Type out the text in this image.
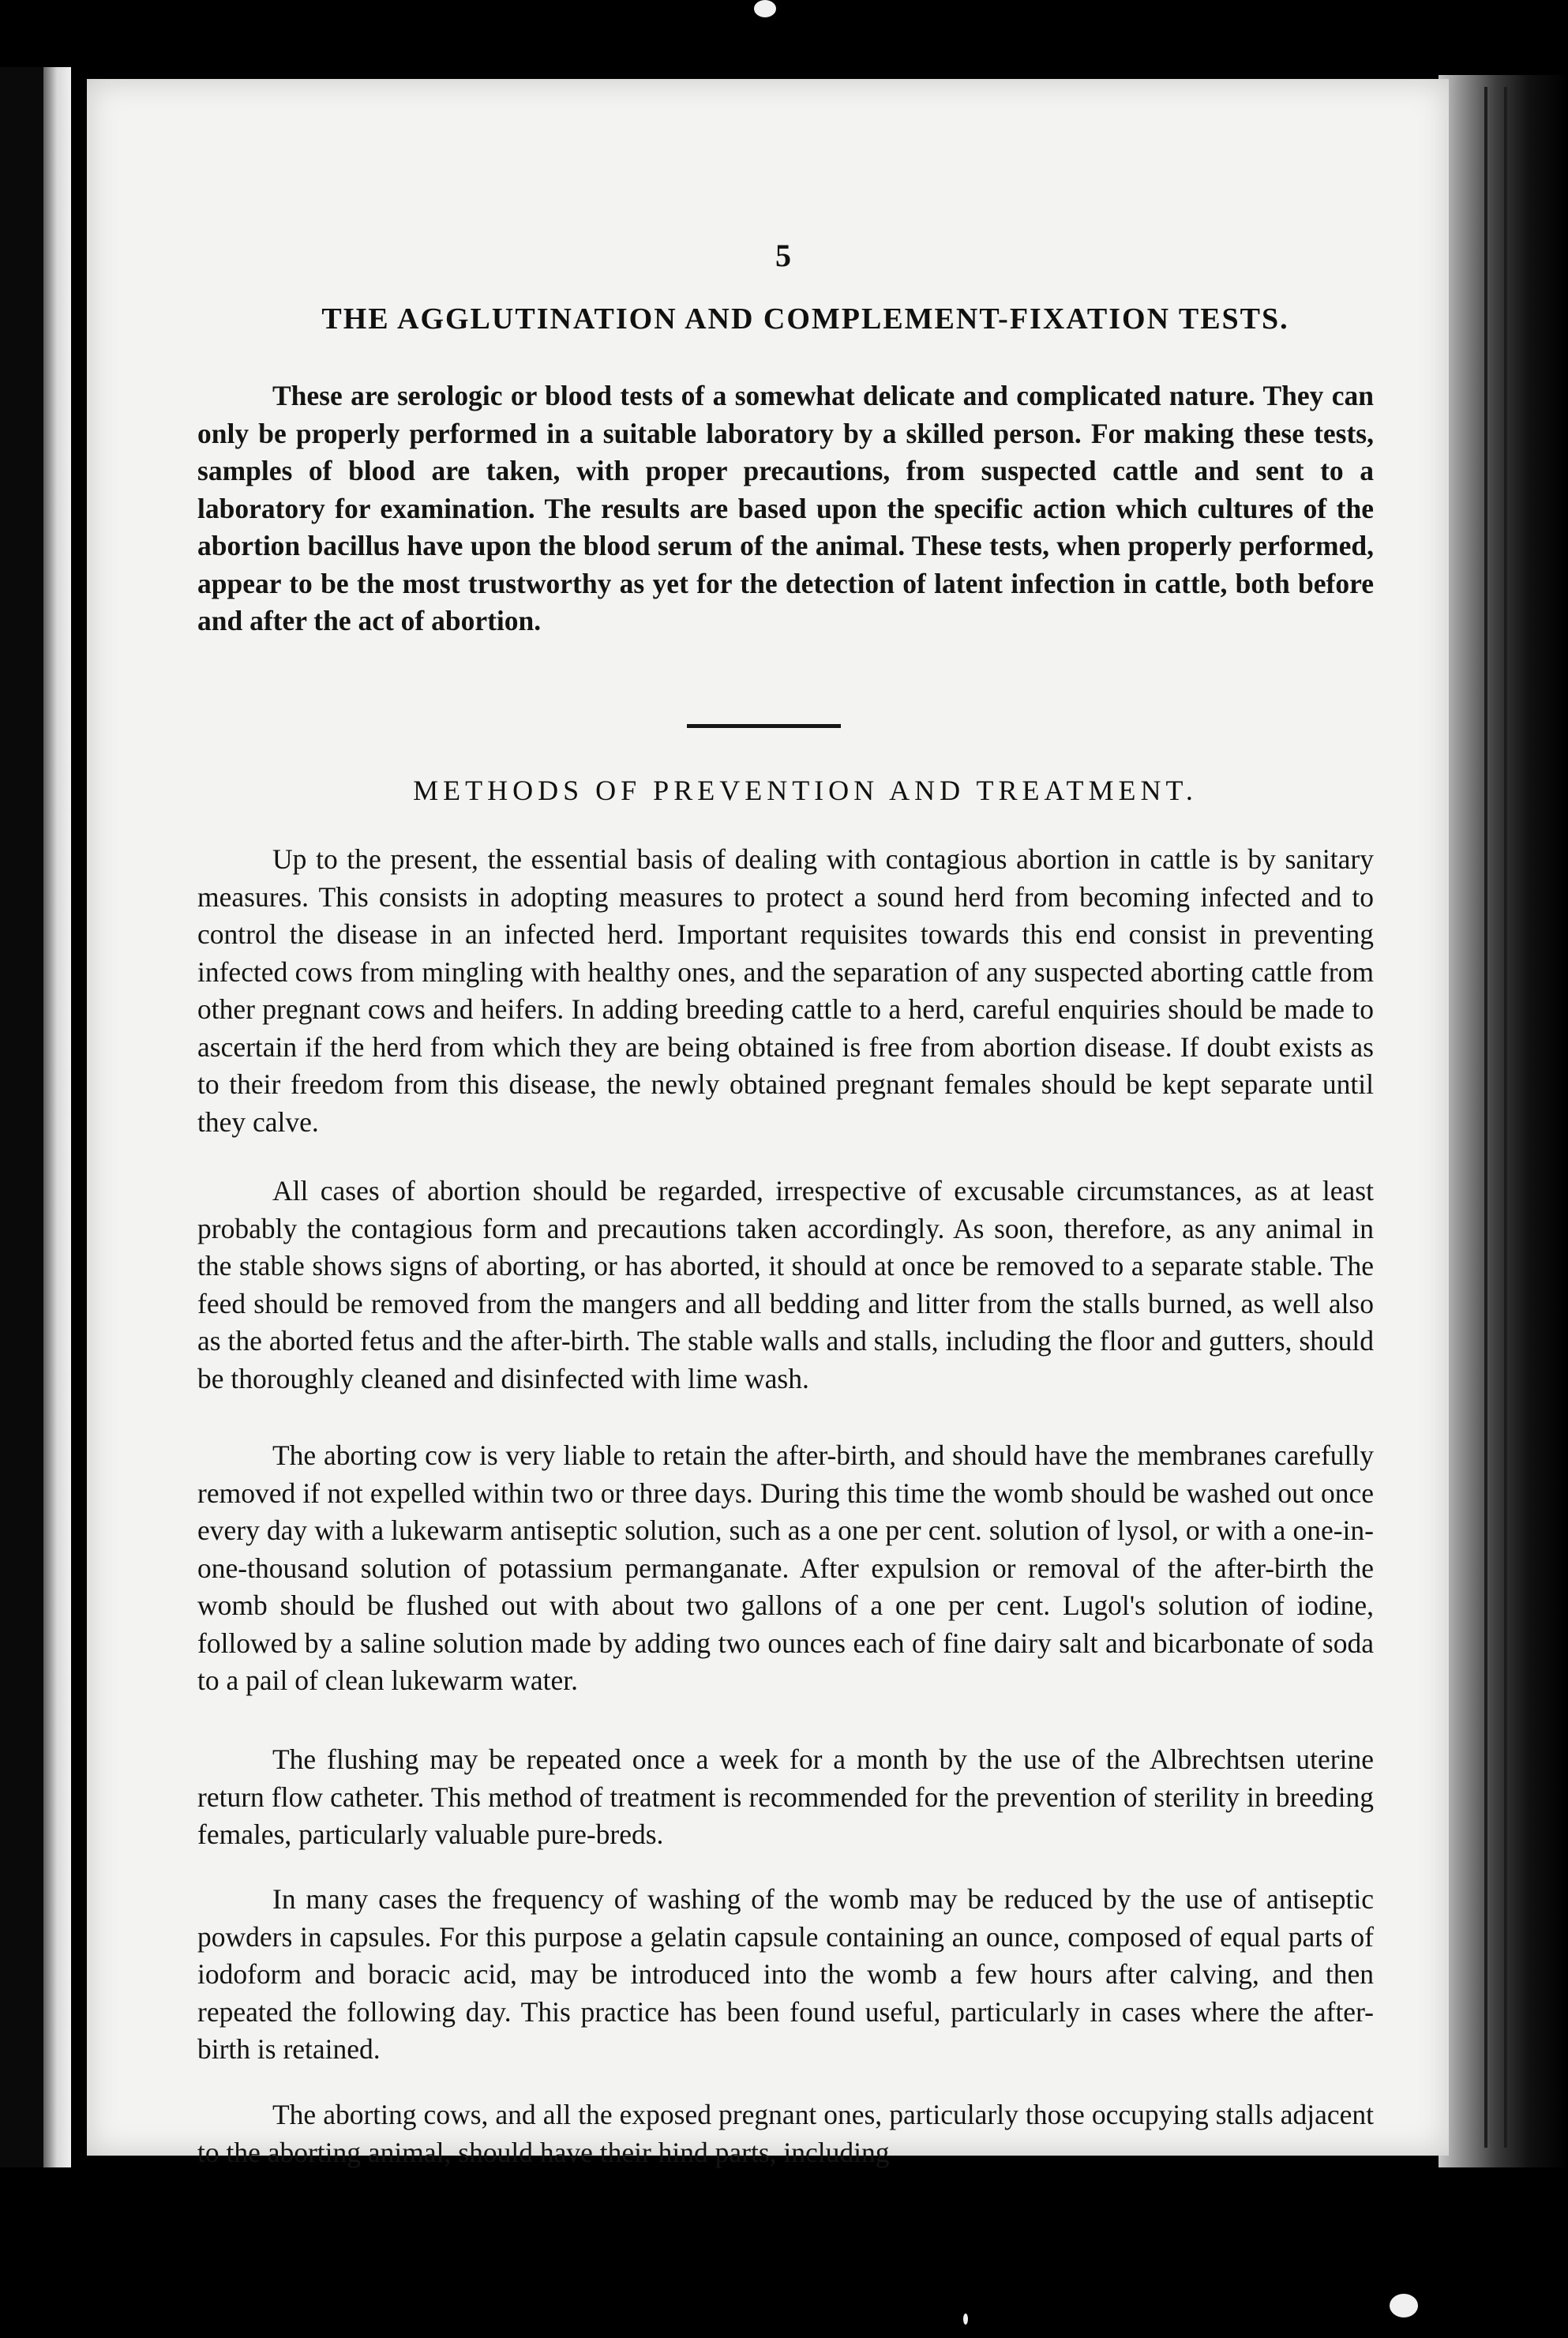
5
THE AGGLUTINATION AND COMPLEMENT-FIXATION TESTS.

These are serologic or blood tests of a somewhat delicate and complicated nature. They can only be properly performed in a suitable laboratory by a skilled person. For making these tests, samples of blood are taken, with proper precautions, from suspected cattle and sent to a laboratory for examination. The results are based upon the specific action which cultures of the abortion bacillus have upon the blood serum of the animal. These tests, when properly performed, appear to be the most trustworthy as yet for the detection of latent infection in cattle, both before and after the act of abortion.

METHODS OF PREVENTION AND TREATMENT.

Up to the present, the essential basis of dealing with contagious abortion in cattle is by sanitary measures. This consists in adopting measures to protect a sound herd from becoming infected and to control the disease in an infected herd. Important requisites towards this end consist in preventing infected cows from mingling with healthy ones, and the separation of any suspected aborting cattle from other pregnant cows and heifers. In adding breeding cattle to a herd, careful enquiries should be made to ascertain if the herd from which they are being obtained is free from abortion disease. If doubt exists as to their freedom from this disease, the newly obtained pregnant females should be kept separate until they calve.

All cases of abortion should be regarded, irrespective of excusable circumstances, as at least probably the contagious form and precautions taken accordingly. As soon, therefore, as any animal in the stable shows signs of aborting, or has aborted, it should at once be removed to a separate stable. The feed should be removed from the mangers and all bedding and litter from the stalls burned, as well also as the aborted fetus and the after-birth. The stable walls and stalls, including the floor and gutters, should be thoroughly cleaned and disinfected with lime wash.

The aborting cow is very liable to retain the after-birth, and should have the membranes carefully removed if not expelled within two or three days. During this time the womb should be washed out once every day with a lukewarm antiseptic solution, such as a one per cent. solution of lysol, or with a one-in-one-thousand solution of potassium permanganate. After expulsion or removal of the after-birth the womb should be flushed out with about two gallons of a one per cent. Lugol's solution of iodine, followed by a saline solution made by adding two ounces each of fine dairy salt and bicarbonate of soda to a pail of clean lukewarm water.

The flushing may be repeated once a week for a month by the use of the Albrechtsen uterine return flow catheter. This method of treatment is recommended for the prevention of sterility in breeding females, particularly valuable pure-breds.

In many cases the frequency of washing of the womb may be reduced by the use of antiseptic powders in capsules. For this purpose a gelatin capsule containing an ounce, composed of equal parts of iodoform and boracic acid, may be introduced into the womb a few hours after calving, and then repeated the following day. This practice has been found useful, particularly in cases where the after-birth is retained.

The aborting cows, and all the exposed pregnant ones, particularly those occupying stalls adjacent to the aborting animal, should have their hind parts, including
